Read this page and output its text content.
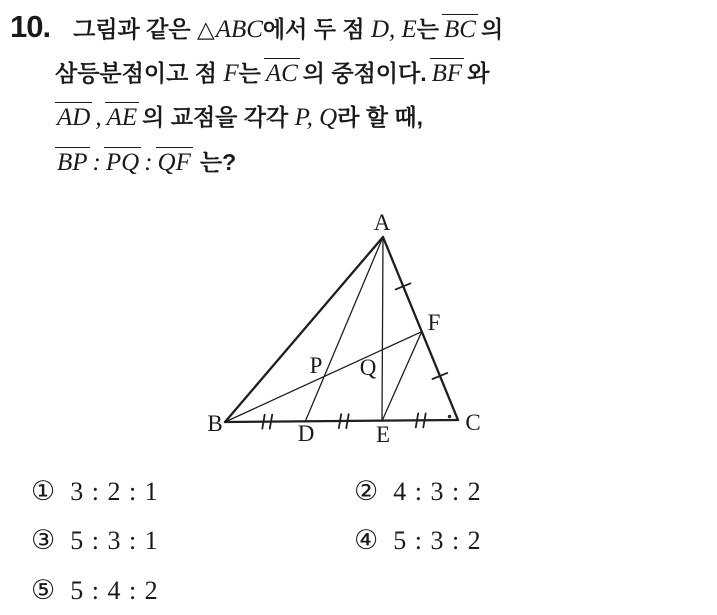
10. 그림과 같은 △ABC에서 두 점 D, E는 BC 의
삼등분점이고 점 F는 AC 의 중점이다. BF 와
AD , AE 의 교점을 각각 P, Q라 할 때,
BP : PQ : QF 는?
A
B	C
D	E
F
P Q
① 3 : 2 : 1	② 4 : 3 : 2
③ 5 : 3 : 1	④ 5 : 3 : 2
⑤ 5 : 4 : 2
